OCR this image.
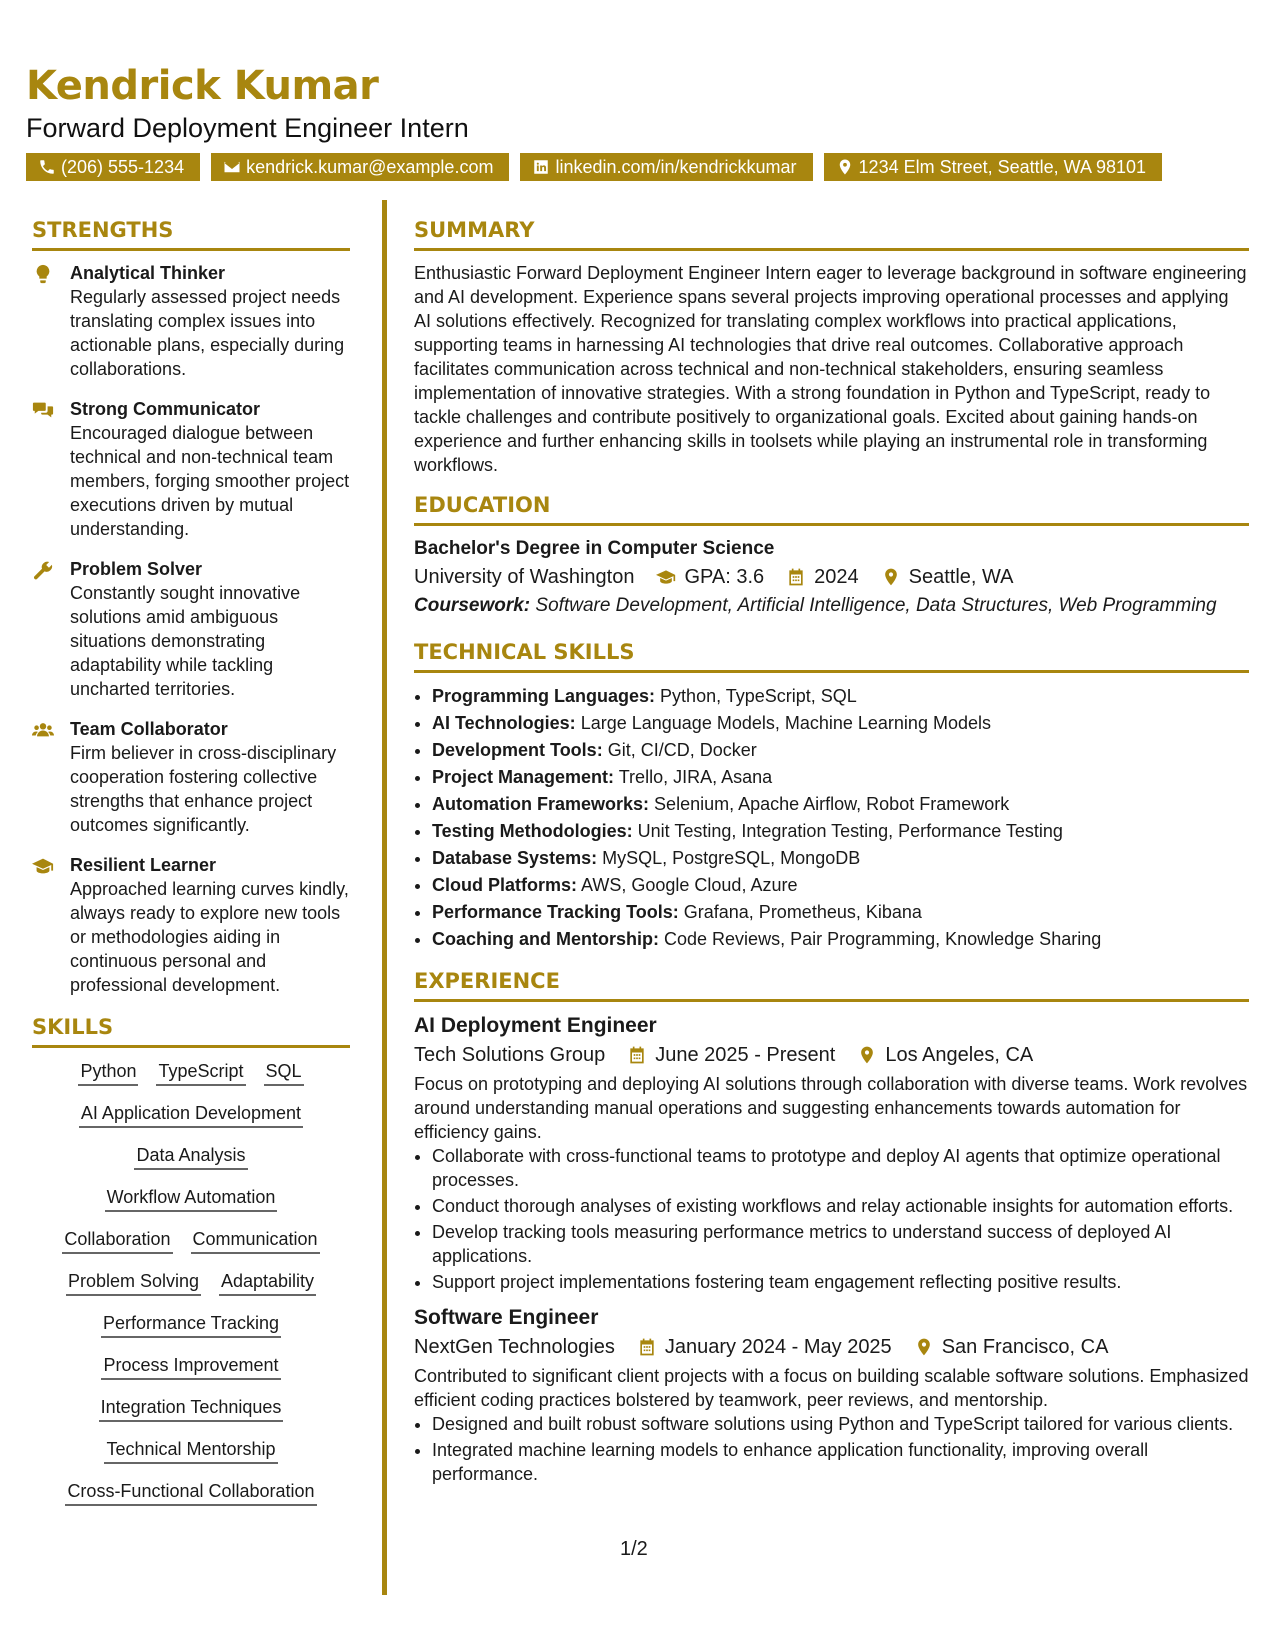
Kendrick Kumar
Forward Deployment Engineer Intern
(206) 555-1234	kendrick.kumar@example.com	linkedin.com/in/kendrickkumar	1234 Elm Street, Seattle, WA 98101
STRENGTHS
Analytical Thinker
Regularly assessed project needs translating complex issues into actionable plans, especially during collaborations.
Strong Communicator
Encouraged dialogue between technical and non-technical team members, forging smoother project executions driven by mutual understanding.
Problem Solver
Constantly sought innovative solutions amid ambiguous situations demonstrating adaptability while tackling uncharted territories.
Team Collaborator
Firm believer in cross-disciplinary cooperation fostering collective strengths that enhance project outcomes significantly.
Resilient Learner
Approached learning curves kindly, always ready to explore new tools or methodologies aiding in continuous personal and professional development.
SKILLS
Python TypeScript SQL
AI Application Development
Data Analysis
Workflow Automation
Collaboration Communication
Problem Solving Adaptability
Performance Tracking
Process Improvement
Integration Techniques
Technical Mentorship
Cross-Functional Collaboration
SUMMARY
Enthusiastic Forward Deployment Engineer Intern eager to leverage background in software engineering and AI development. Experience spans several projects improving operational processes and applying AI solutions effectively. Recognized for translating complex workflows into practical applications, supporting teams in harnessing AI technologies that drive real outcomes. Collaborative approach facilitates communication across technical and non-technical stakeholders, ensuring seamless implementation of innovative strategies. With a strong foundation in Python and TypeScript, ready to tackle challenges and contribute positively to organizational goals. Excited about gaining hands-on experience and further enhancing skills in toolsets while playing an instrumental role in transforming workflows.
EDUCATION
Bachelor's Degree in Computer Science
University of Washington	GPA: 3.6	2024	Seattle, WA
Coursework: Software Development, Artificial Intelligence, Data Structures, Web Programming
TECHNICAL SKILLS
• Programming Languages: Python, TypeScript, SQL
• AI Technologies: Large Language Models, Machine Learning Models
• Development Tools: Git, CI/CD, Docker
• Project Management: Trello, JIRA, Asana
• Automation Frameworks: Selenium, Apache Airflow, Robot Framework
• Testing Methodologies: Unit Testing, Integration Testing, Performance Testing
• Database Systems: MySQL, PostgreSQL, MongoDB
• Cloud Platforms: AWS, Google Cloud, Azure
• Performance Tracking Tools: Grafana, Prometheus, Kibana
• Coaching and Mentorship: Code Reviews, Pair Programming, Knowledge Sharing
EXPERIENCE
AI Deployment Engineer
Tech Solutions Group	June 2025 - Present	Los Angeles, CA
Focus on prototyping and deploying AI solutions through collaboration with diverse teams. Work revolves around understanding manual operations and suggesting enhancements towards automation for efficiency gains.
• Collaborate with cross-functional teams to prototype and deploy AI agents that optimize operational processes.
• Conduct thorough analyses of existing workflows and relay actionable insights for automation efforts.
• Develop tracking tools measuring performance metrics to understand success of deployed AI applications.
• Support project implementations fostering team engagement reflecting positive results.
Software Engineer
NextGen Technologies	January 2024 - May 2025	San Francisco, CA
Contributed to significant client projects with a focus on building scalable software solutions. Emphasized efficient coding practices bolstered by teamwork, peer reviews, and mentorship.
• Designed and built robust software solutions using Python and TypeScript tailored for various clients.
• Integrated machine learning models to enhance application functionality, improving overall performance.
1/2
